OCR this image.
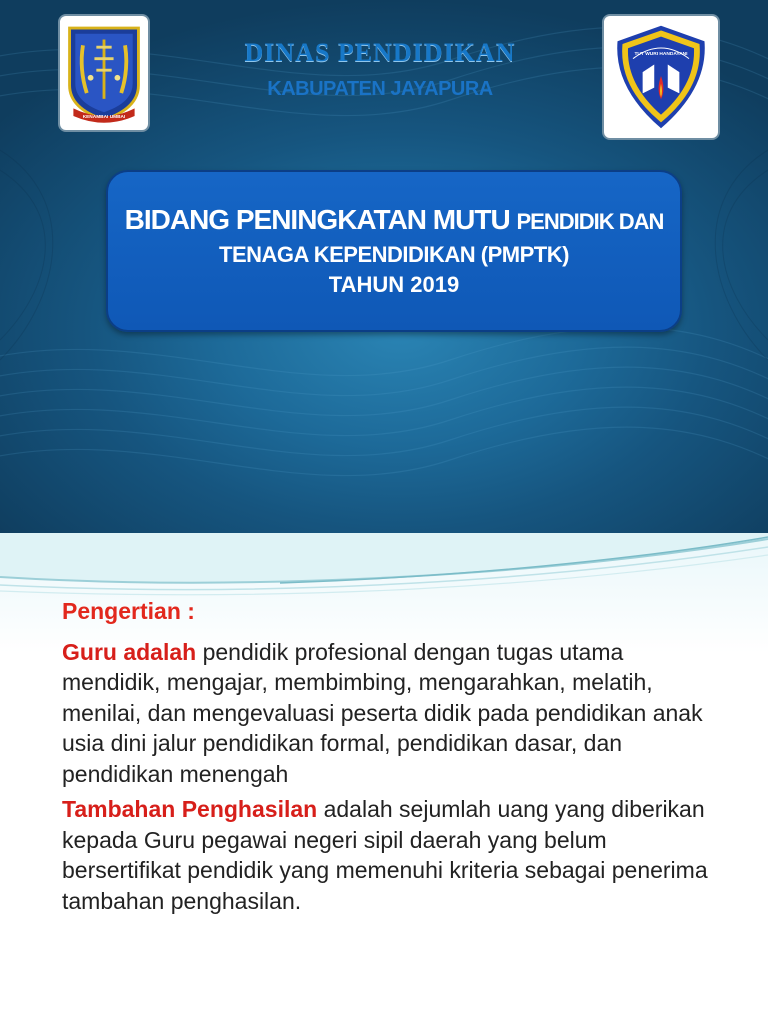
KENAMBAI UMBAI
DINAS PENDIDIKAN
KABUPATEN JAYAPURA
TUT WURI HANDAYANI
BIDANG PENINGKATAN MUTU PENDIDIK DAN
TENAGA KEPENDIDIKAN (PMPTK)
TAHUN 2019
Pengertian :

Guru adalah pendidik profesional dengan tugas utama mendidik, mengajar, membimbing, mengarahkan, melatih, menilai, dan mengevaluasi peserta didik pada pendidikan anak usia dini jalur pendidikan formal, pendidikan dasar, dan pendidikan menengah

Tambahan Penghasilan adalah sejumlah uang yang diberikan kepada Guru pegawai negeri sipil daerah yang belum bersertifikat pendidik yang memenuhi kriteria sebagai penerima tambahan penghasilan.
